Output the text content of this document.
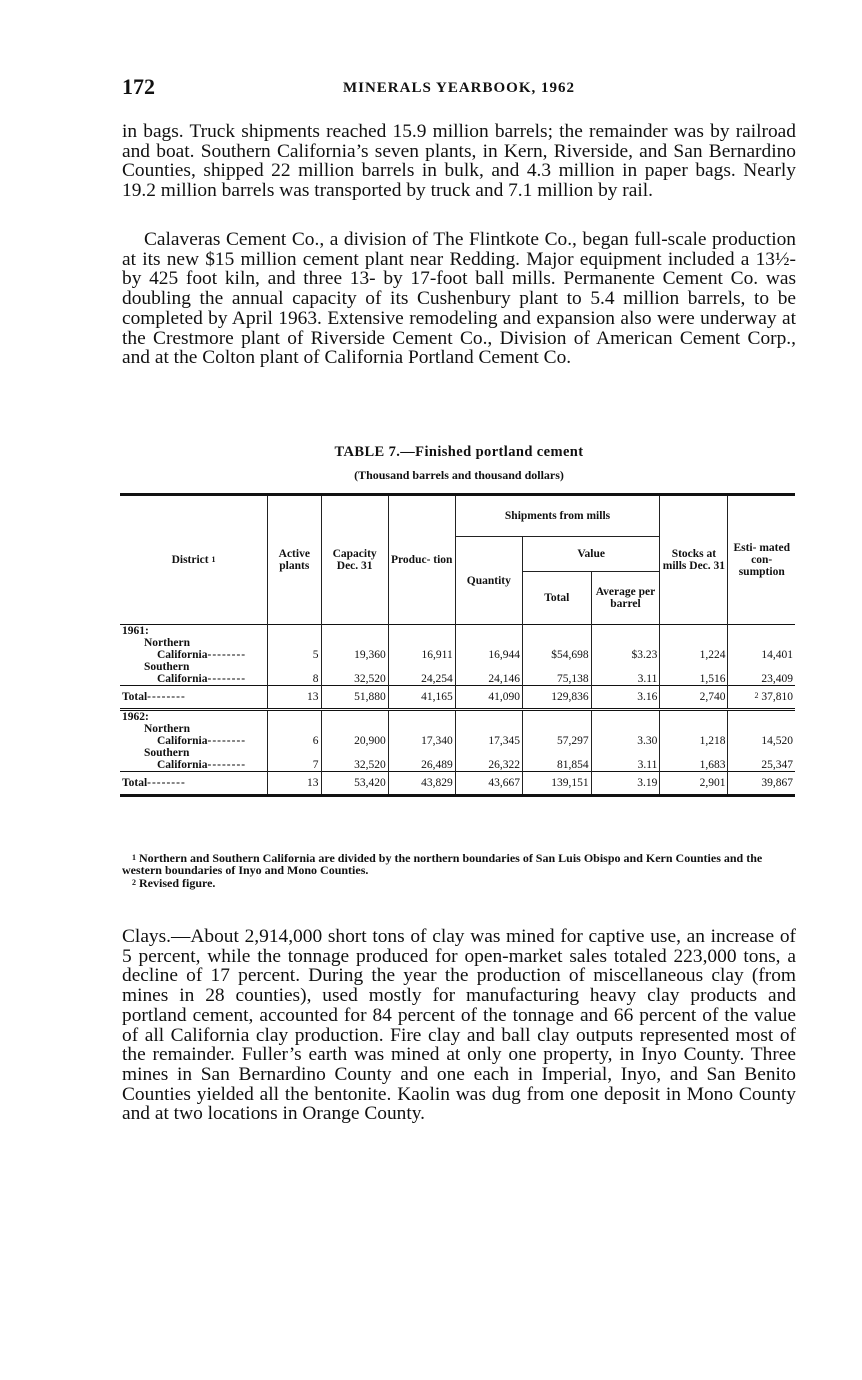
172	MINERALS YEARBOOK, 1962

in bags. Truck shipments reached 15.9 million barrels; the remainder was by railroad and boat. Southern California’s seven plants, in Kern, Riverside, and San Bernardino Counties, shipped 22 million barrels in bulk, and 4.3 million in paper bags. Nearly 19.2 million barrels was transported by truck and 7.1 million by rail.

Calaveras Cement Co., a division of The Flintkote Co., began full-scale production at its new $15 million cement plant near Redding. Major equipment included a 13½- by 425 foot kiln, and three 13- by 17-foot ball mills. Permanente Cement Co. was doubling the annual capacity of its Cushenbury plant to 5.4 million barrels, to be completed by April 1963. Extensive remodeling and expansion also were underway at the Crestmore plant of Riverside Cement Co., Division of American Cement Corp., and at the Colton plant of California Portland Cement Co.

TABLE 7.—Finished portland cement
(Thousand barrels and thousand dollars)
District $^1$	Active plants	Capacity Dec. 31	Produc- tion	Shipments from mills			Stocks at mills Dec. 31	Esti- mated con- sumption
				Quantity	Value			
					Total	Average per barrel		
1961:
Northern
California--------	5	19,360	16,911	16,944	$54,698	$3.23	1,224	14,401

Southern
California--------	8	32,520	24,254	24,146	75,138	3.11	1,516	23,409
Total--------	13	51,880	41,165	41,090	129,836	3.16	2,740	$^2$ 37,810
1962:
Northern
California--------	6	20,900	17,340	17,345	57,297	3.30	1,218	14,520

Southern
California--------	7	32,520	26,489	26,322	81,854	3.11	1,683	25,347
Total--------	13	53,420	43,829	43,667	139,151	3.19	2,901	39,867
$^1$ Northern and Southern California are divided by the northern boundaries of San Luis Obispo and Kern Counties and the western boundaries of Inyo and Mono Counties.
$^2$ Revised figure.

Clays.—About 2,914,000 short tons of clay was mined for captive use, an increase of 5 percent, while the tonnage produced for open-market sales totaled 223,000 tons, a decline of 17 percent. During the year the production of miscellaneous clay (from mines in 28 counties), used mostly for manufacturing heavy clay products and portland cement, accounted for 84 percent of the tonnage and 66 percent of the value of all California clay production. Fire clay and ball clay outputs represented most of the remainder. Fuller’s earth was mined at only one property, in Inyo County. Three mines in San Bernardino County and one each in Imperial, Inyo, and San Benito Counties yielded all the bentonite. Kaolin was dug from one deposit in Mono County and at two locations in Orange County.
